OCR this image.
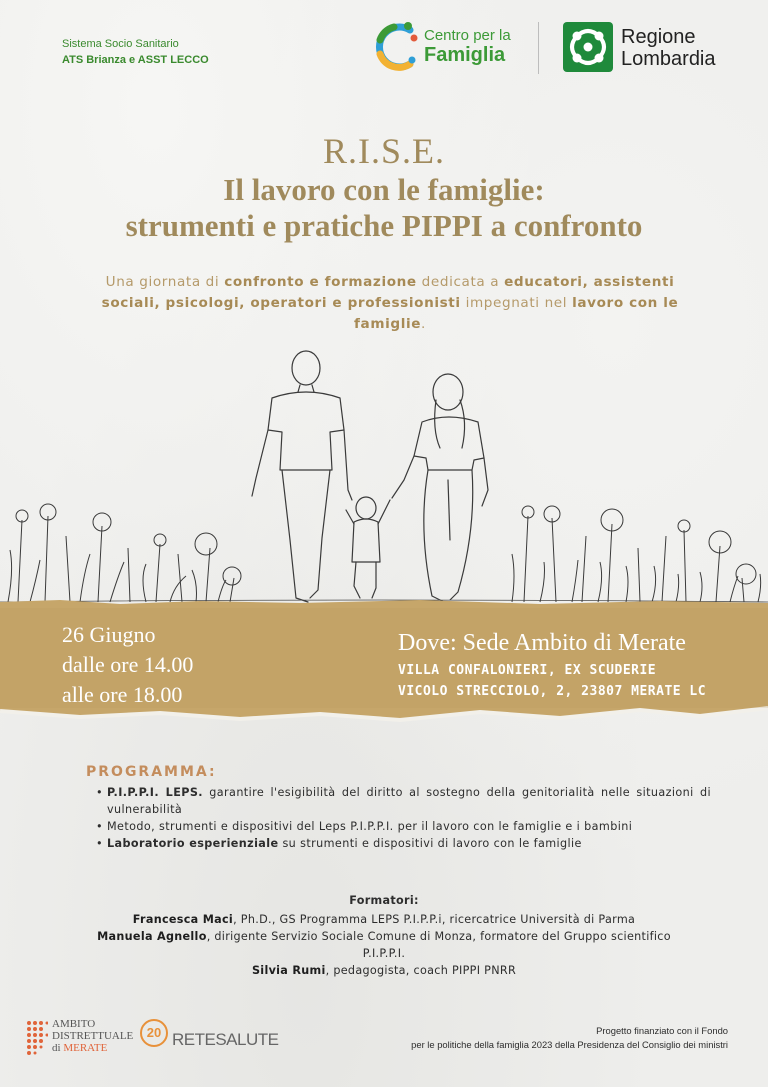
Sistema Socio Sanitario
ATS Brianza e ASST LECCO
Centro per la
Famiglia
Regione
Lombardia
R.I.S.E.
Il lavoro con le famiglie:
strumenti e pratiche PIPPI a confronto
Una giornata di confronto e formazione dedicata a educatori, assistenti sociali, psicologi, operatori e professionisti impegnati nel lavoro con le famiglie.
26 Giugno
dalle ore 14.00
alle ore 18.00
Dove: Sede Ambito di Merate
VILLA CONFALONIERI, EX SCUDERIE
VICOLO STRECCIOLO, 2, 23807 MERATE LC
PROGRAMMA:
• P.I.P.P.I. LEPS. garantire l'esigibilità del diritto al sostegno della genitorialità nelle situazioni di vulnerabilità
• Metodo, strumenti e dispositivi del Leps P.I.P.P.I. per il lavoro con le famiglie e i bambini
• Laboratorio esperienziale su strumenti e dispositivi di lavoro con le famiglie
Formatori:
Francesca Maci, Ph.D., GS Programma LEPS P.I.P.P.i, ricercatrice Università di Parma
Manuela Agnello, dirigente Servizio Sociale Comune di Monza, formatore del Gruppo scientifico P.I.P.P.I.
Silvia Rumi, pedagogista, coach PIPPI PNRR
AMBITO
DISTRETTUALE
di MERATE
20 RETESALUTE	Progetto finanziato con il Fondo
per le politiche della famiglia 2023 della Presidenza del Consiglio dei ministri
